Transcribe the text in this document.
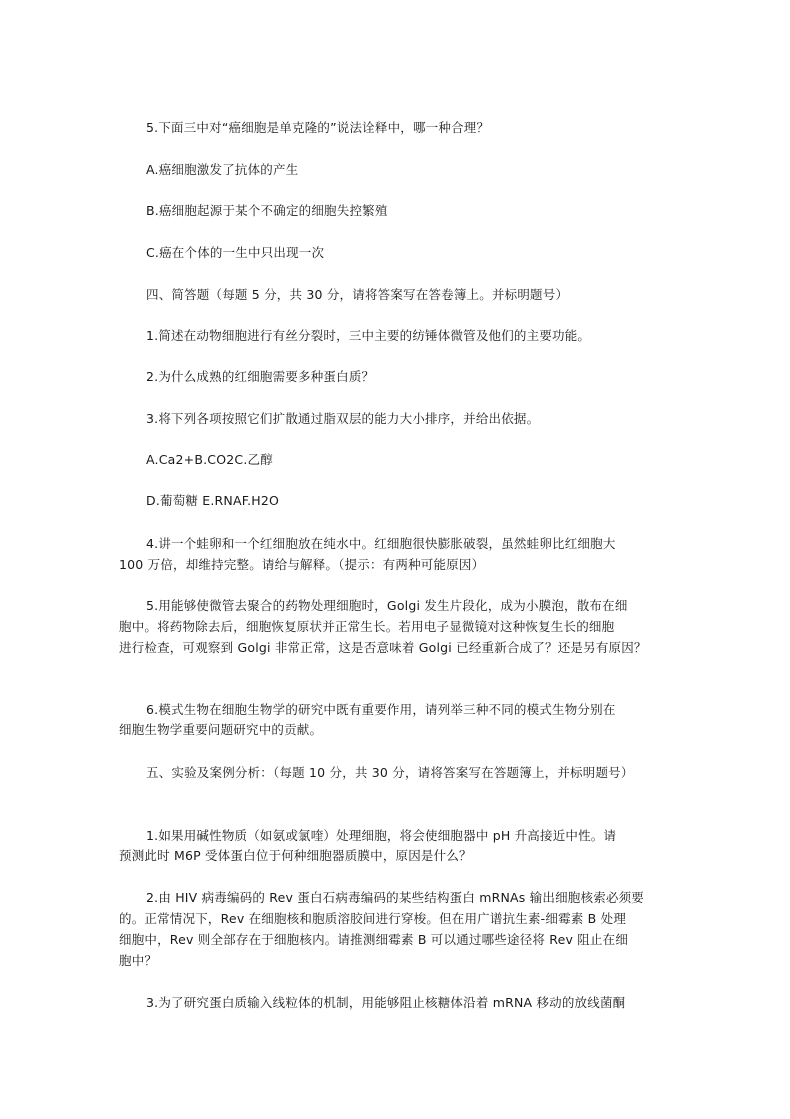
5.下面三中对“癌细胞是单克隆的”说法诠释中，哪一种合理？
A.癌细胞激发了抗体的产生
B.癌细胞起源于某个不确定的细胞失控繁殖
C.癌在个体的一生中只出现一次
四、简答题（每题 5 分，共 30 分，请将答案写在答卷簿上。并标明题号）
1.简述在动物细胞进行有丝分裂时，三中主要的纺锤体微管及他们的主要功能。
2.为什么成熟的红细胞需要多种蛋白质？
3.将下列各项按照它们扩散通过脂双层的能力大小排序，并给出依据。
A.Ca2+B.CO2C.乙醇
D.葡萄糖 E.RNAF.H2O
4.讲一个蛙卵和一个红细胞放在纯水中。红细胞很快膨胀破裂，虽然蛙卵比红细胞大
100 万倍，却维持完整。请给与解释。（提示：有两种可能原因）
5.用能够使微管去聚合的药物处理细胞时，Golgi 发生片段化，成为小膜泡，散布在细
胞中。将药物除去后，细胞恢复原状并正常生长。若用电子显微镜对这种恢复生长的细胞
进行检查，可观察到 Golgi 非常正常，这是否意味着 Golgi 已经重新合成了？还是另有原因？
6.模式生物在细胞生物学的研究中既有重要作用，请列举三种不同的模式生物分别在
细胞生物学重要问题研究中的贡献。
五、实验及案例分析：（每题 10 分，共 30 分，请将答案写在答题簿上，并标明题号）
1.如果用碱性物质（如氨或氯喹）处理细胞，将会使细胞器中 pH 升高接近中性。请
预测此时 M6P 受体蛋白位于何种细胞器质膜中，原因是什么？
2.由 HIV 病毒编码的 Rev 蛋白石病毒编码的某些结构蛋白 mRNAs 输出细胞核索必须要
的。正常情况下，Rev 在细胞核和胞质溶胶间进行穿梭。但在用广谱抗生素-细霉素 B 处理
细胞中，Rev 则全部存在于细胞核内。请推测细霉素 B 可以通过哪些途径将 Rev 阻止在细
胞中？
3.为了研究蛋白质输入线粒体的机制，用能够阻止核糖体沿着 mRNA 移动的放线菌酮
